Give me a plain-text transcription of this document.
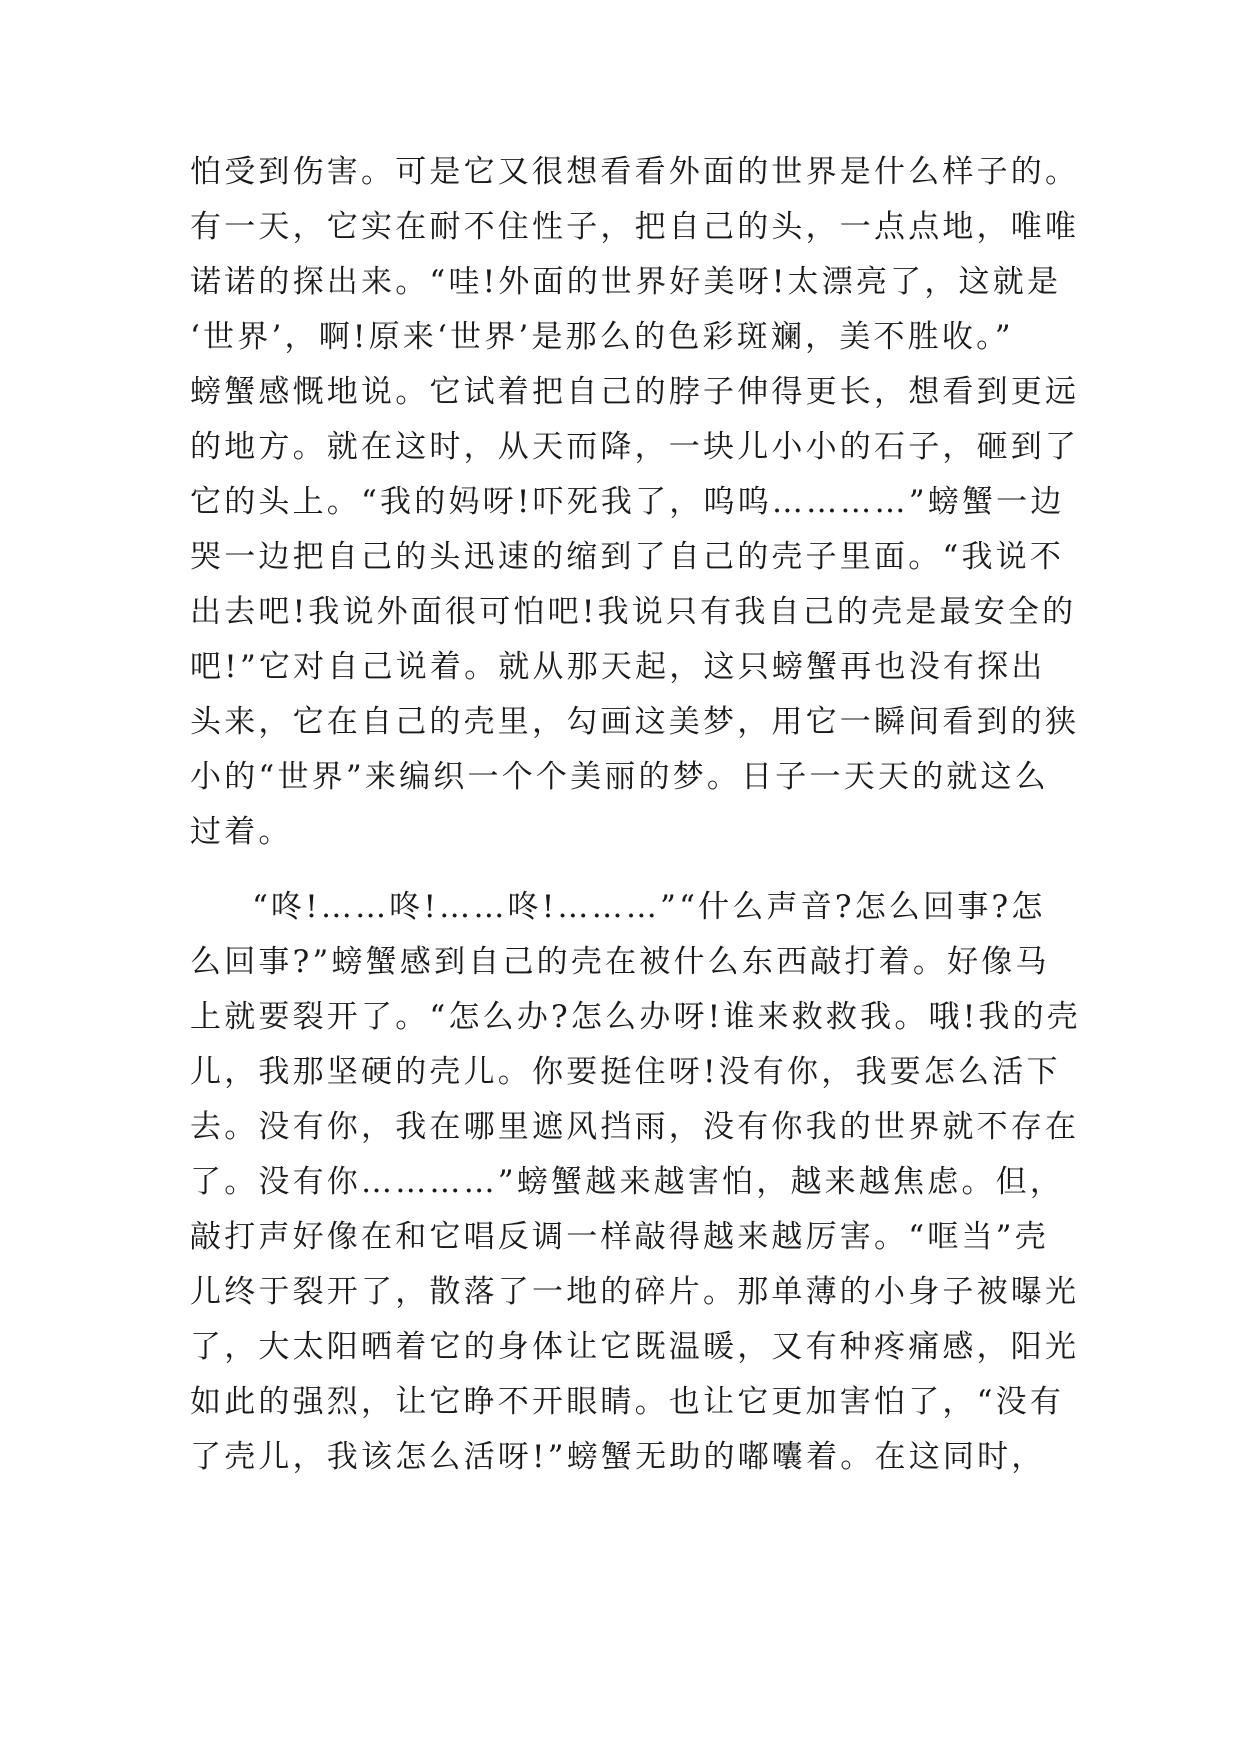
怕受到伤害。可是它又很想看看外面的世界是什么样子的。
有一天，它实在耐不住性子，把自己的头，一点点地，唯唯
诺诺的探出来。“哇!外面的世界好美呀!太漂亮了，这就是
‘世界’，啊!原来‘世界’是那么的色彩斑斓，美不胜收。”
螃蟹感慨地说。它试着把自己的脖子伸得更长，想看到更远
的地方。就在这时，从天而降，一块儿小小的石子，砸到了
它的头上。“我的妈呀!吓死我了，呜呜…………”螃蟹一边
哭一边把自己的头迅速的缩到了自己的壳子里面。“我说不
出去吧!我说外面很可怕吧!我说只有我自己的壳是最安全的
吧!”它对自己说着。就从那天起，这只螃蟹再也没有探出
头来，它在自己的壳里，勾画这美梦，用它一瞬间看到的狭
小的“世界”来编织一个个美丽的梦。日子一天天的就这么
过着。
“咚!……咚!……咚!………”“什么声音?怎么回事?怎
么回事?”螃蟹感到自己的壳在被什么东西敲打着。好像马
上就要裂开了。“怎么办?怎么办呀!谁来救救我。哦!我的壳
儿，我那坚硬的壳儿。你要挺住呀!没有你，我要怎么活下
去。没有你，我在哪里遮风挡雨，没有你我的世界就不存在
了。没有你…………”螃蟹越来越害怕，越来越焦虑。但，
敲打声好像在和它唱反调一样敲得越来越厉害。“哐当”壳
儿终于裂开了，散落了一地的碎片。那单薄的小身子被曝光
了，大太阳晒着它的身体让它既温暖，又有种疼痛感，阳光
如此的强烈，让它睁不开眼睛。也让它更加害怕了，“没有
了壳儿，我该怎么活呀!”螃蟹无助的嘟囔着。在这同时，
